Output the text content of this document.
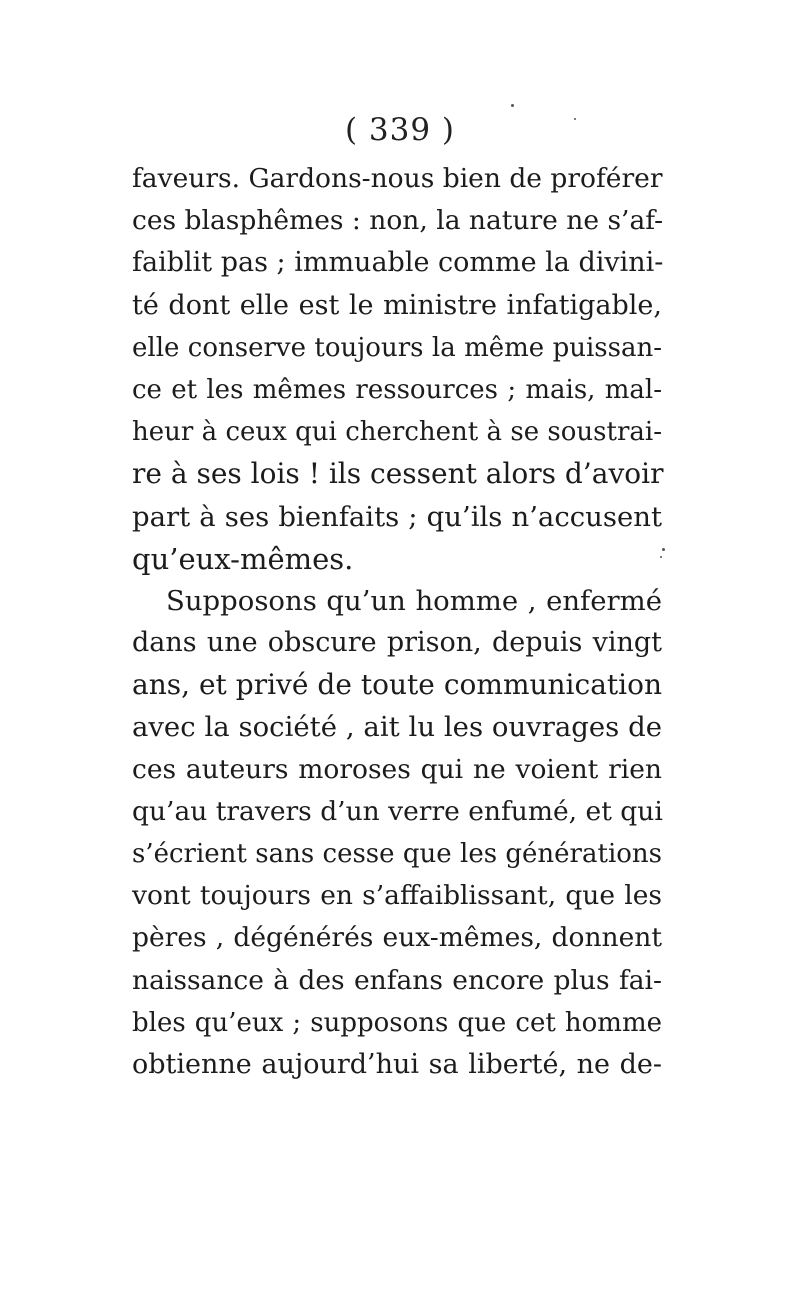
( 339 )
faveurs. Gardons-nous bien de proférer
ces blasphêmes : non, la nature ne s’af-
faiblit pas ; immuable comme la divini-
té dont elle est le ministre infatigable,
elle conserve toujours la même puissan-
ce et les mêmes ressources ; mais, mal-
heur à ceux qui cherchent à se soustrai-
re à ses lois ! ils cessent alors d’avoir
part à ses bienfaits ; qu’ils n’accusent
qu’eux-mêmes.
Supposons qu’un homme , enfermé
dans une obscure prison, depuis vingt
ans, et privé de toute communication
avec la société , ait lu les ouvrages de
ces auteurs moroses qui ne voient rien
qu’au travers d’un verre enfumé, et qui
s’écrient sans cesse que les générations
vont toujours en s’affaiblissant, que les
pères , dégénérés eux-mêmes, donnent
naissance à des enfans encore plus fai-
bles qu’eux ; supposons que cet homme
obtienne aujourd’hui sa liberté, ne de-
